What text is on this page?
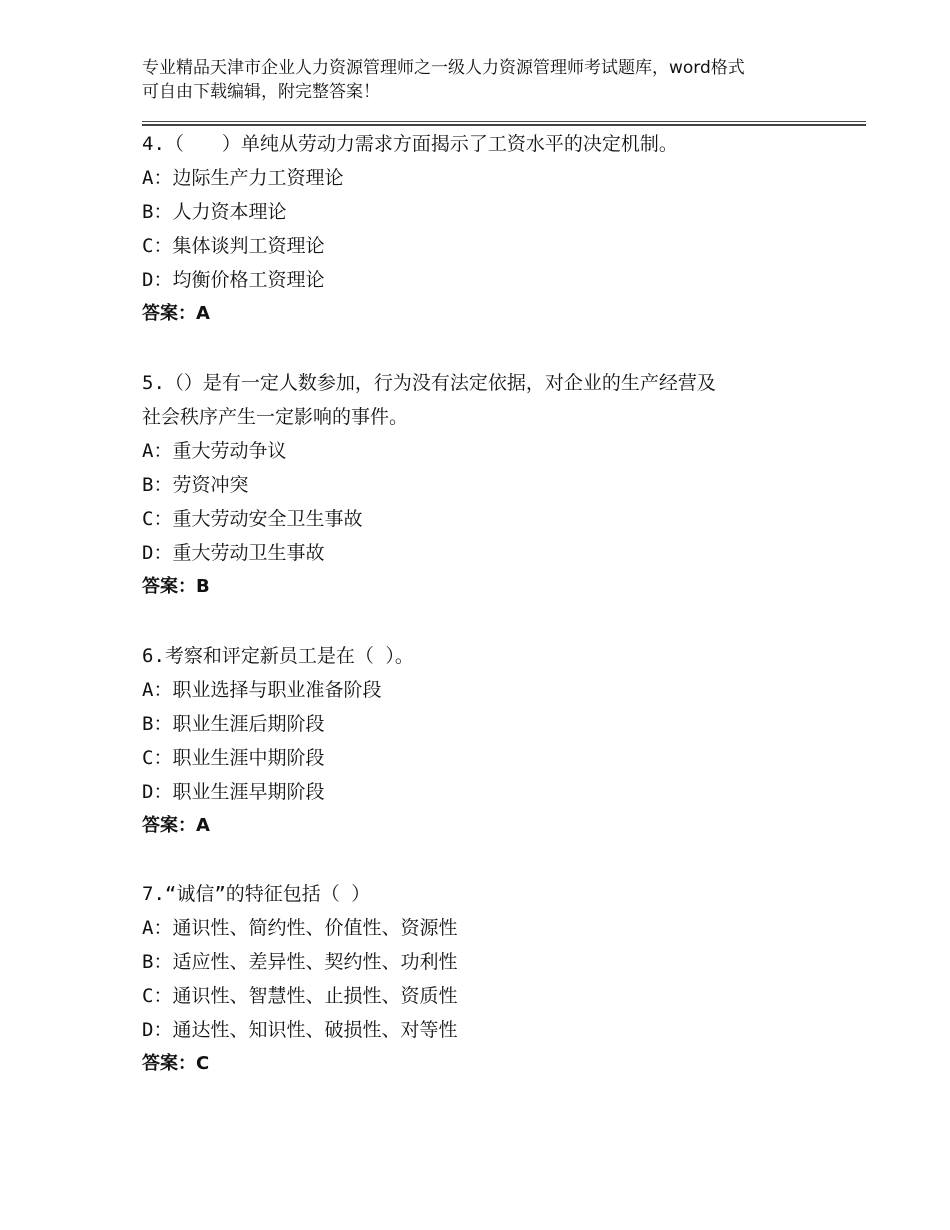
专业精品天津市企业人力资源管理师之一级人力资源管理师考试题库，word格式
可自由下载编辑，附完整答案！
4.（　　）单纯从劳动力需求方面揭示了工资水平的决定机制。
A：边际生产力工资理论
B：人力资本理论
C：集体谈判工资理论
D：均衡价格工资理论
答案：A
5.（）是有一定人数参加，行为没有法定依据，对企业的生产经营及
社会秩序产生一定影响的事件。
A：重大劳动争议
B：劳资冲突
C：重大劳动安全卫生事故
D：重大劳动卫生事故
答案：B
6.考察和评定新员工是在（ ）。
A：职业选择与职业准备阶段
B：职业生涯后期阶段
C：职业生涯中期阶段
D：职业生涯早期阶段
答案：A
7.“诚信”的特征包括（ ）
A：通识性、简约性、价值性、资源性
B：适应性、差异性、契约性、功利性
C：通识性、智慧性、止损性、资质性
D：通达性、知识性、破损性、对等性
答案：C
